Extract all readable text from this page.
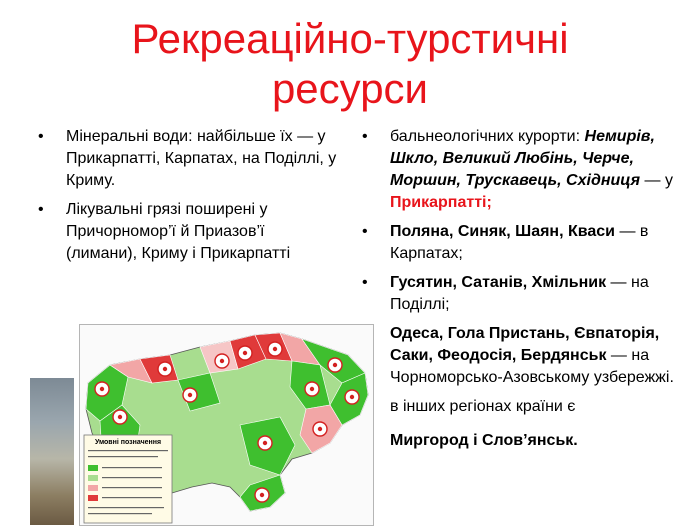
Рекреаційно-турстичні
ресурси
•	Мінеральні води: найбільше їх — у Прикарпатті, Карпатах, на Поділлі, у Криму.
•	Лікувальні грязі поширені у Причорномор’ї й Приазов’ї (лимани), Криму і Прикарпатті
•	бальнеологічних курорти: Немирів, Шкло, Великий Любінь, Черче, Моршин, Трускавець, Східниця — у Прикарпатті;
•	Поляна, Синяк, Шаян, Кваси — в Карпатах;
•	Гусятин, Сатанів, Хмільник — на Поділлі;
Одеса, Гола Пристань, Євпаторія, Саки, Феодосія, Бердянськ — на Чорноморсько-Азовському узбережжі.
в інших регіонах країни є
Миргород і Слов’янськ.
Умовні позначення
